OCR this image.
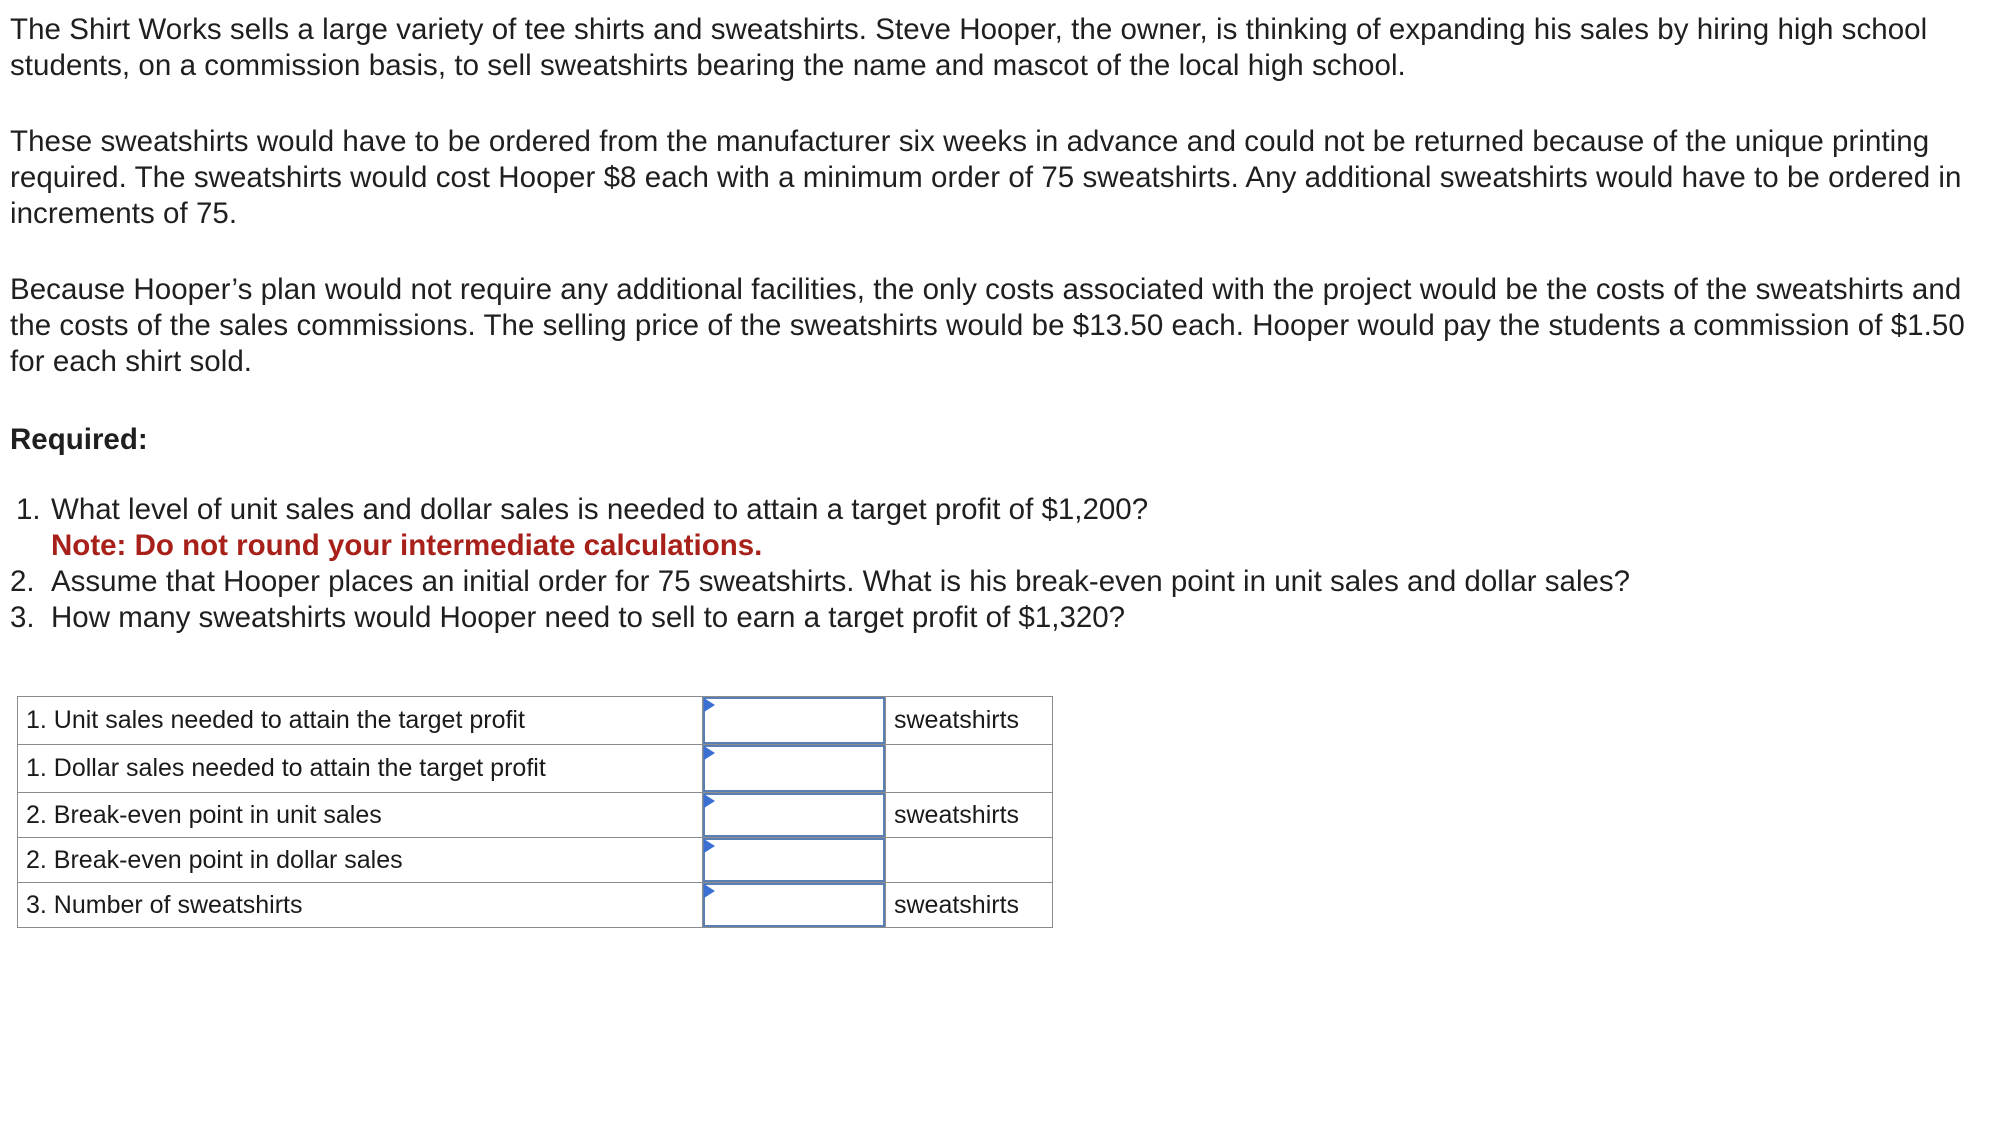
The Shirt Works sells a large variety of tee shirts and sweatshirts. Steve Hooper, the owner, is thinking of expanding his sales by hiring high school students, on a commission basis, to sell sweatshirts bearing the name and mascot of the local high school.

These sweatshirts would have to be ordered from the manufacturer six weeks in advance and could not be returned because of the unique printing required. The sweatshirts would cost Hooper $8 each with a minimum order of 75 sweatshirts. Any additional sweatshirts would have to be ordered in increments of 75.

Because Hooper’s plan would not require any additional facilities, the only costs associated with the project would be the costs of the sweatshirts and the costs of the sales commissions. The selling price of the sweatshirts would be $13.50 each. Hooper would pay the students a commission of $1.50 for each shirt sold.

Required:

1. What level of unit sales and dollar sales is needed to attain a target profit of $1,200?
Note: Do not round your intermediate calculations.
2. Assume that Hooper places an initial order for 75 sweatshirts. What is his break-even point in unit sales and dollar sales?
3. How many sweatshirts would Hooper need to sell to earn a target profit of $1,320?
1. Unit sales needed to attain the target profit		sweatshirts
1. Dollar sales needed to attain the target profit	

2. Break-even point in unit sales		sweatshirts
2. Break-even point in dollar sales	

3. Number of sweatshirts		sweatshirts
